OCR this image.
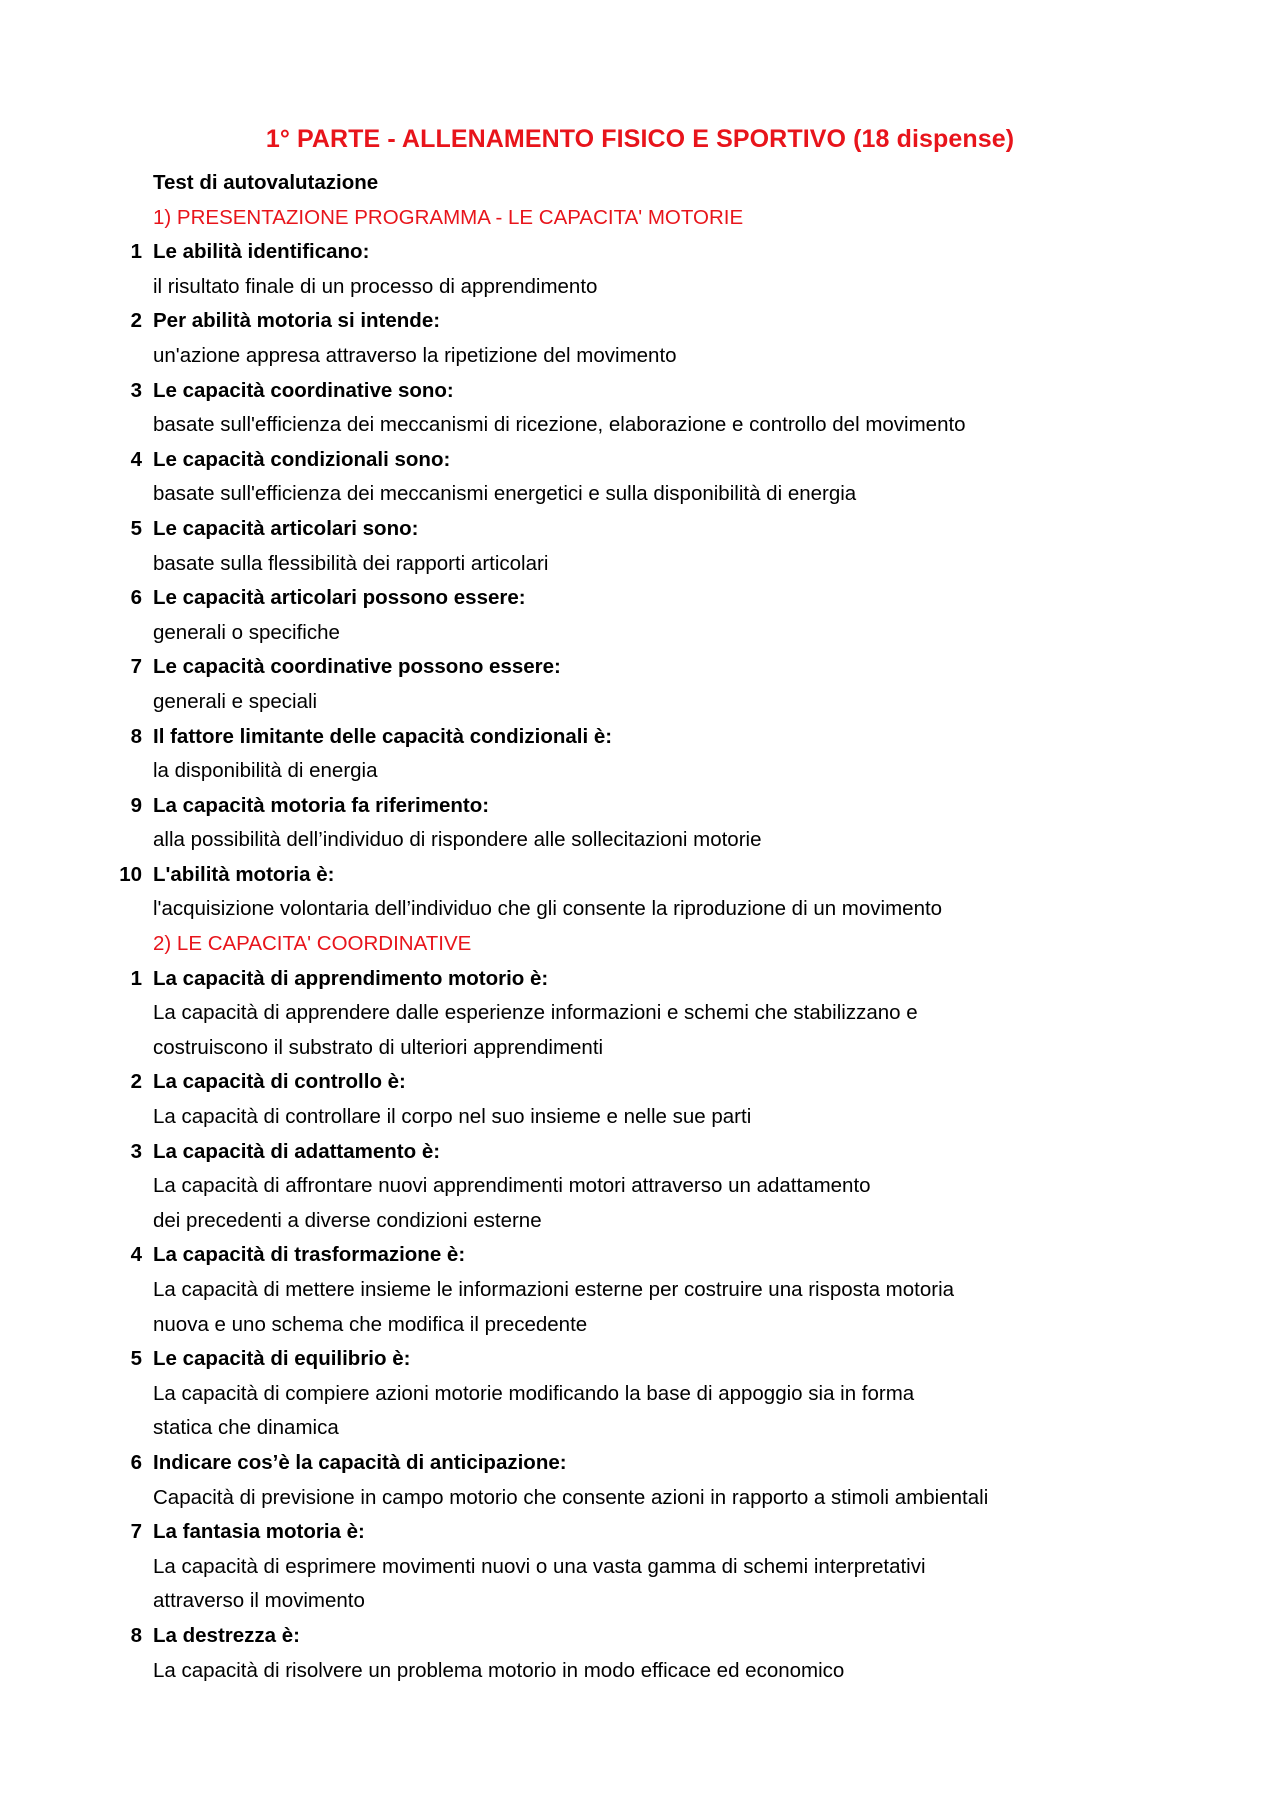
1° PARTE - ALLENAMENTO FISICO E SPORTIVO (18 dispense)
Test di autovalutazione
1) PRESENTAZIONE PROGRAMMA - LE CAPACITA' MOTORIE
1 Le abilità identificano:
il risultato finale di un processo di apprendimento
2 Per abilità motoria si intende:
un'azione appresa attraverso la ripetizione del movimento
3 Le capacità coordinative sono:
basate sull'efficienza dei meccanismi di ricezione, elaborazione e controllo del movimento
4 Le capacità condizionali sono:
basate sull'efficienza dei meccanismi energetici e sulla disponibilità di energia
5 Le capacità articolari sono:
basate sulla flessibilità dei rapporti articolari
6 Le capacità articolari possono essere:
generali o specifiche
7 Le capacità coordinative possono essere:
generali e speciali
8 Il fattore limitante delle capacità condizionali è:
la disponibilità di energia
9 La capacità motoria fa riferimento:
alla possibilità dell’individuo di rispondere alle sollecitazioni motorie
10 L'abilità motoria è:
l'acquisizione volontaria dell’individuo che gli consente la riproduzione di un movimento
2) LE CAPACITA' COORDINATIVE
1 La capacità di apprendimento motorio è:
La capacità di apprendere dalle esperienze informazioni e schemi che stabilizzano e
costruiscono il substrato di ulteriori apprendimenti
2 La capacità di controllo è:
La capacità di controllare il corpo nel suo insieme e nelle sue parti
3 La capacità di adattamento è:
La capacità di affrontare nuovi apprendimenti motori attraverso un adattamento
dei precedenti a diverse condizioni esterne
4 La capacità di trasformazione è:
La capacità di mettere insieme le informazioni esterne per costruire una risposta motoria
nuova e uno schema che modifica il precedente
5 Le capacità di equilibrio è:
La capacità di compiere azioni motorie modificando la base di appoggio sia in forma
statica che dinamica
6 Indicare cos’è la capacità di anticipazione:
Capacità di previsione in campo motorio che consente azioni in rapporto a stimoli ambientali
7 La fantasia motoria è:
La capacità di esprimere movimenti nuovi o una vasta gamma di schemi interpretativi
attraverso il movimento
8 La destrezza è:
La capacità di risolvere un problema motorio in modo efficace ed economico
